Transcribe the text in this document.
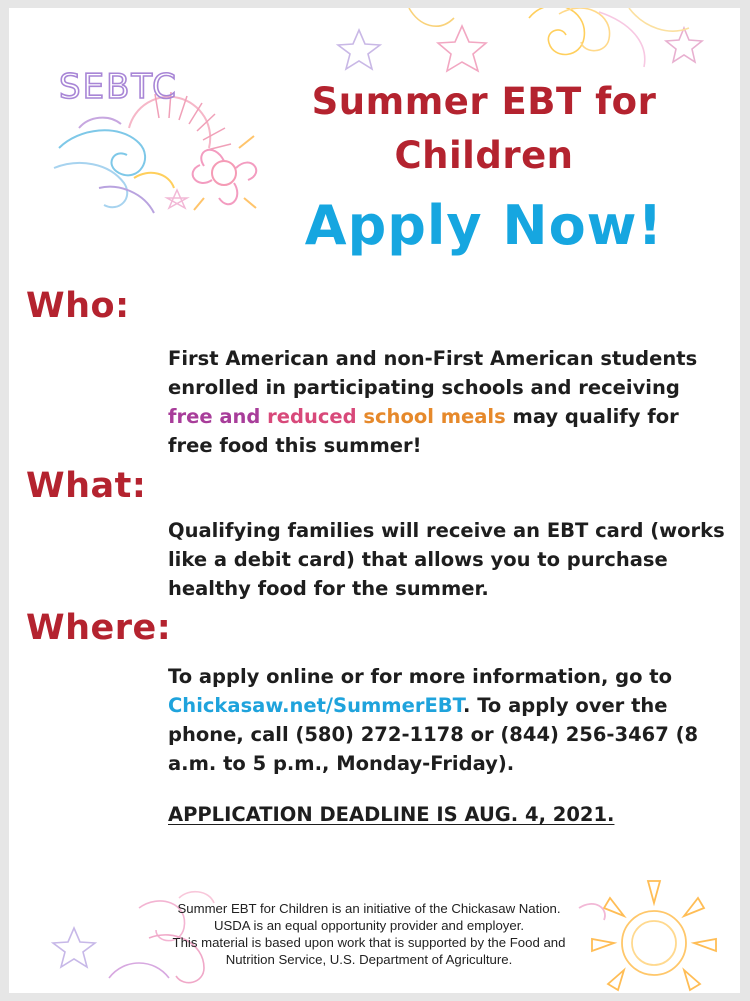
SEBTC	Summer EBT for
Children
Apply Now!
Who:

First American and non-First American students enrolled in participating schools and receiving free and reduced school meals may qualify for free food this summer!

What:

Qualifying families will receive an EBT card (works like a debit card) that allows you to purchase healthy food for the summer.

Where:

To apply online or for more information, go to Chickasaw.net/SummerEBT. To apply over the phone, call (580) 272-1178 or (844) 256-3467 (8 a.m. to 5 p.m., Monday-Friday).

APPLICATION DEADLINE IS AUG. 4, 2021.

Summer EBT for Children is an initiative of the Chickasaw Nation.
USDA is an equal opportunity provider and employer.
This material is based upon work that is supported by the Food and
Nutrition Service, U.S. Department of Agriculture.
